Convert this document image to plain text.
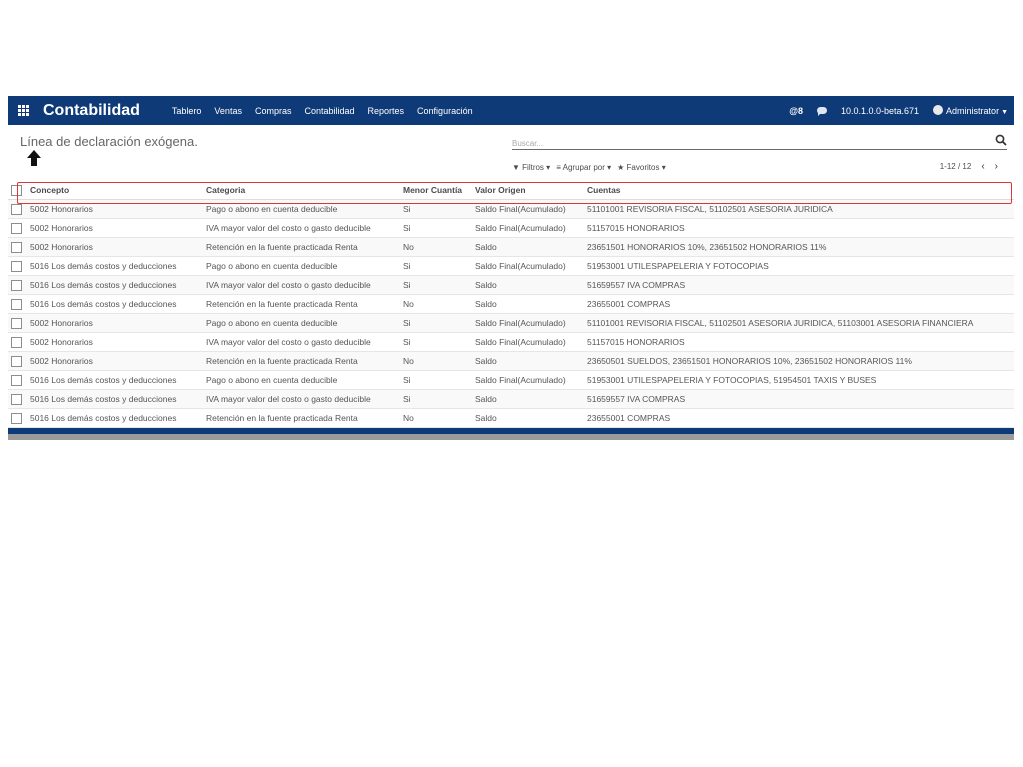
Contabilidad	Tablero Ventas Compras Contabilidad Reportes Configuración	@8	10.0.1.0.0-beta.671	Administrator ▼
Línea de declaración exógena.
Buscar...
▼ Filtros ▾ ≡ Agrupar por ▾ ★ Favoritos ▾	1-12 / 12 ‹ ›
	Concepto	Categoria	Menor Cuantía	Valor Origen	Cuentas
	5002 Honorarios	Pago o abono en cuenta deducible	Si	Saldo Final(Acumulado)	51101001 REVISORIA FISCAL, 51102501 ASESORIA JURIDICA
	5002 Honorarios	IVA mayor valor del costo o gasto deducible	Si	Saldo Final(Acumulado)	51157015 HONORARIOS
	5002 Honorarios	Retención en la fuente practicada Renta	No	Saldo	23651501 HONORARIOS 10%, 23651502 HONORARIOS 11%
	5016 Los demás costos y deducciones	Pago o abono en cuenta deducible	Si	Saldo Final(Acumulado)	51953001 UTILESPAPELERIA Y FOTOCOPIAS
	5016 Los demás costos y deducciones	IVA mayor valor del costo o gasto deducible	Si	Saldo	51659557 IVA COMPRAS
	5016 Los demás costos y deducciones	Retención en la fuente practicada Renta	No	Saldo	23655001 COMPRAS
	5002 Honorarios	Pago o abono en cuenta deducible	Si	Saldo Final(Acumulado)	51101001 REVISORIA FISCAL, 51102501 ASESORIA JURIDICA, 51103001 ASESORIA FINANCIERA
	5002 Honorarios	IVA mayor valor del costo o gasto deducible	Si	Saldo Final(Acumulado)	51157015 HONORARIOS
	5002 Honorarios	Retención en la fuente practicada Renta	No	Saldo	23650501 SUELDOS, 23651501 HONORARIOS 10%, 23651502 HONORARIOS 11%
	5016 Los demás costos y deducciones	Pago o abono en cuenta deducible	Si	Saldo Final(Acumulado)	51953001 UTILESPAPELERIA Y FOTOCOPIAS, 51954501 TAXIS Y BUSES
	5016 Los demás costos y deducciones	IVA mayor valor del costo o gasto deducible	Si	Saldo	51659557 IVA COMPRAS
	5016 Los demás costos y deducciones	Retención en la fuente practicada Renta	No	Saldo	23655001 COMPRAS
